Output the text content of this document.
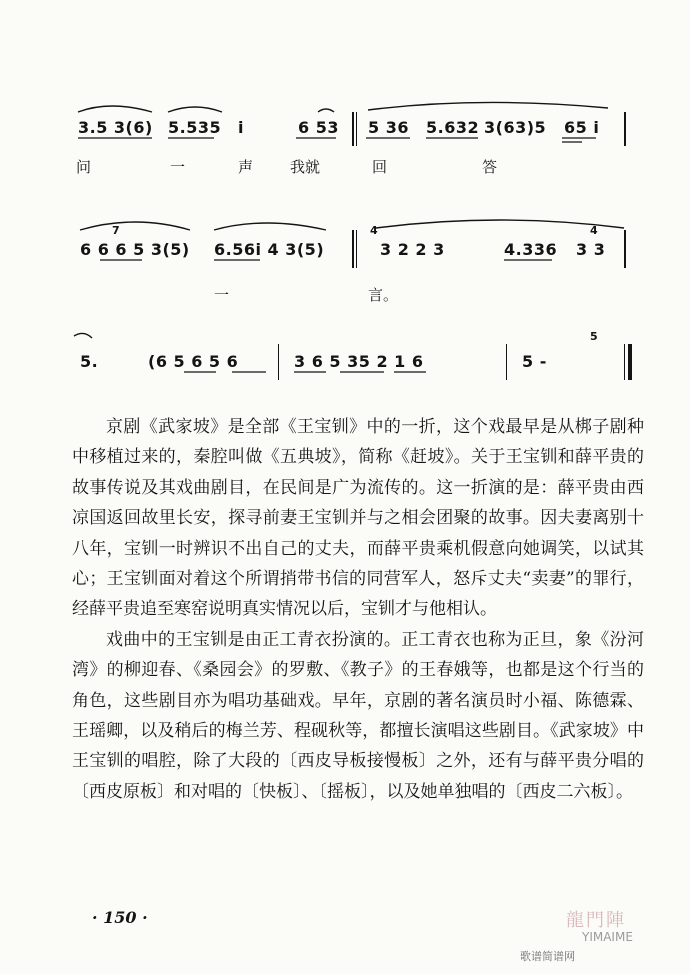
3.5 3(6) 5.535 i	6 53 5 36 5.632 3(63)5 65 i
问	一	声 我就	回	答
7	4	4
6 6 6 5 3(5) 6.56i 4 3(5)	3 2 2 3	4.336 3 3
一	言。
5
5.	(6 5 6 5 6	3 6 5 35 2 1 6	5 -

京剧《武家坡》是全部《王宝钏》中的一折，这个戏最早是从梆子剧种中移植过来的，秦腔叫做《五典坡》，简称《赶坡》。关于王宝钏和薛平贵的故事传说及其戏曲剧目，在民间是广为流传的。这一折演的是：薛平贵由西凉国返回故里长安，探寻前妻王宝钏并与之相会团聚的故事。因夫妻离别十八年，宝钏一时辨识不出自己的丈夫，而薛平贵乘机假意向她调笑，以试其心；王宝钏面对着这个所谓捎带书信的同营军人，怒斥丈夫“卖妻”的罪行，经薛平贵追至寒窑说明真实情况以后，宝钏才与他相认。

戏曲中的王宝钏是由正工青衣扮演的。正工青衣也称为正旦，象《汾河湾》的柳迎春、《桑园会》的罗敷、《教子》的王春娥等，也都是这个行当的角色，这些剧目亦为唱功基础戏。早年，京剧的著名演员时小福、陈德霖、王瑶卿，以及稍后的梅兰芳、程砚秋等，都擅长演唱这些剧目。《武家坡》中王宝钏的唱腔，除了大段的〔西皮导板接慢板〕之外，还有与薛平贵分唱的〔西皮原板〕和对唱的〔快板〕、〔摇板〕，以及她单独唱的〔西皮二六板〕。

· 150 ·	龍門陣
YIMAIME
歌谱简谱网
